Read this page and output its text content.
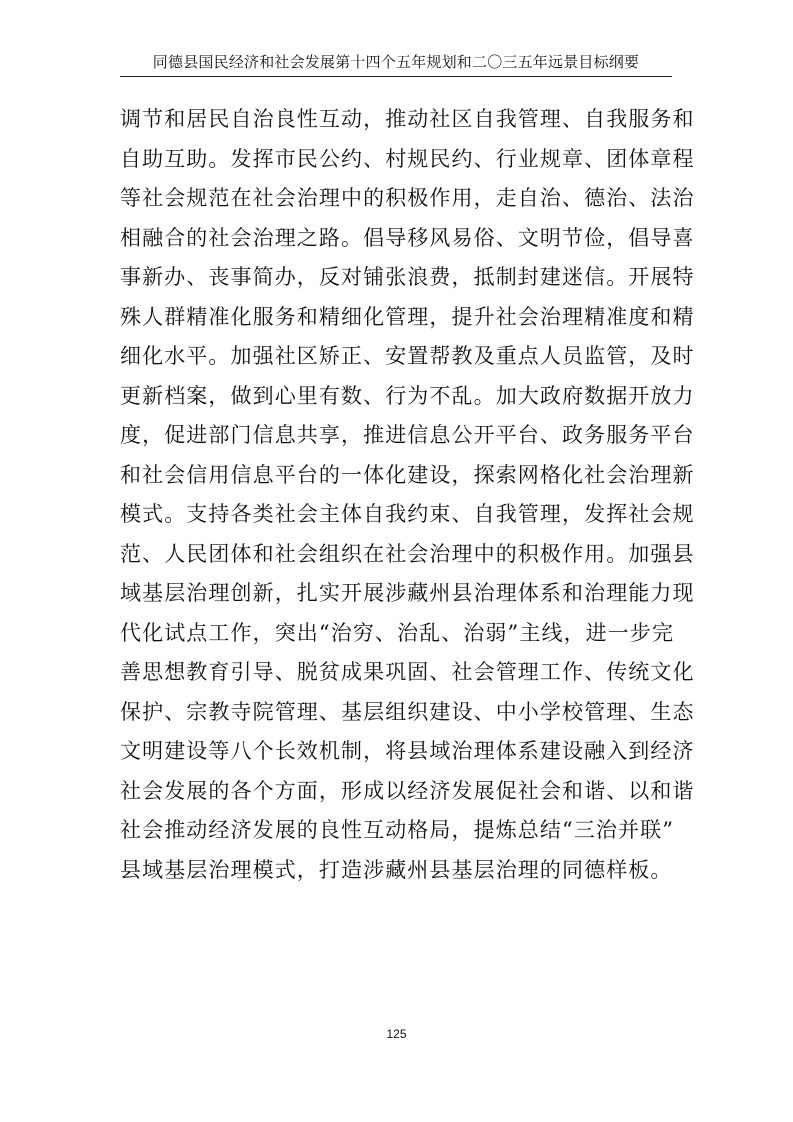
同德县国民经济和社会发展第十四个五年规划和二〇三五年远景目标纲要
调节和居民自治良性互动，推动社区自我管理、自我服务和
自助互助。发挥市民公约、村规民约、行业规章、团体章程
等社会规范在社会治理中的积极作用，走自治、德治、法治
相融合的社会治理之路。倡导移风易俗、文明节俭，倡导喜
事新办、丧事简办，反对铺张浪费，抵制封建迷信。开展特
殊人群精准化服务和精细化管理，提升社会治理精准度和精
细化水平。加强社区矫正、安置帮教及重点人员监管，及时
更新档案，做到心里有数、行为不乱。加大政府数据开放力
度，促进部门信息共享，推进信息公开平台、政务服务平台
和社会信用信息平台的一体化建设，探索网格化社会治理新
模式。支持各类社会主体自我约束、自我管理，发挥社会规
范、人民团体和社会组织在社会治理中的积极作用。加强县
域基层治理创新，扎实开展涉藏州县治理体系和治理能力现
代化试点工作，突出“治穷、治乱、治弱”主线，进一步完
善思想教育引导、脱贫成果巩固、社会管理工作、传统文化
保护、宗教寺院管理、基层组织建设、中小学校管理、生态
文明建设等八个长效机制，将县域治理体系建设融入到经济
社会发展的各个方面，形成以经济发展促社会和谐、以和谐
社会推动经济发展的良性互动格局，提炼总结“三治并联”
县域基层治理模式，打造涉藏州县基层治理的同德样板。
125
